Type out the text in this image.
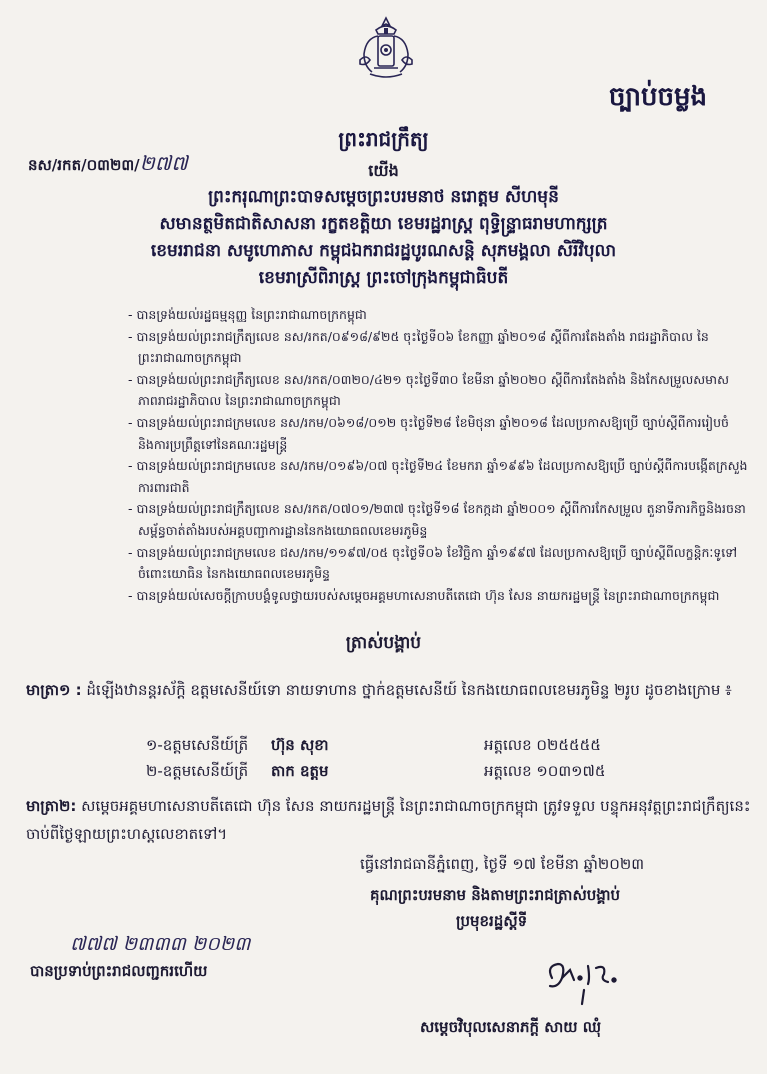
ច្បាប់ចម្លង
ព្រះរាជក្រឹត្យ
នស/រកត/០៣២៣/២៧៧	យើង
ព្រះករុណាព្រះបាទសម្តេចព្រះបរមនាថ នរោត្តម សីហមុនី
សមានត្ថមិតជាតិសាសនា រក្ខតខត្តិយា ខេមរដ្ឋរាស្ត្រ ពុទ្ធិន្ទ្រាធរាមហាក្សត្រ
ខេមររាជនា សមូហោភាស កម្ពុជឯករាជរដ្ឋបូរណសន្តិ សុភមង្គលា សិរីវិបុលា
ខេមរាស្រីពិរាស្ត្រ ព្រះចៅក្រុងកម្ពុជាធិបតី

- បានទ្រង់យល់រដ្ឋធម្មនុញ្ញ នៃព្រះរាជាណាចក្រកម្ពុជា

- បានទ្រង់យល់ព្រះរាជក្រឹត្យលេខ នស/រកត/០៩១៨/៩២៥ ចុះថ្ងៃទី០៦ ខែកញ្ញា ឆ្នាំ២០១៨ ស្តីពីការតែងតាំង រាជរដ្ឋាភិបាល នៃព្រះរាជាណាចក្រកម្ពុជា

- បានទ្រង់យល់ព្រះរាជក្រឹត្យលេខ នស/រកត/០៣២០/៤២១ ចុះថ្ងៃទី៣០ ខែមីនា ឆ្នាំ២០២០ ស្តីពីការតែងតាំង និងកែសម្រួលសមាសភាពរាជរដ្ឋាភិបាល នៃព្រះរាជាណាចក្រកម្ពុជា

- បានទ្រង់យល់ព្រះរាជក្រមលេខ នស/រកម/០៦១៨/០១២ ចុះថ្ងៃទី២៨ ខែមិថុនា ឆ្នាំ២០១៨ ដែលប្រកាសឱ្យប្រើ ច្បាប់ស្តីពីការរៀបចំ និងការប្រព្រឹត្តទៅនៃគណៈរដ្ឋមន្ត្រី

- បានទ្រង់យល់ព្រះរាជក្រមលេខ នស/រកម/០១៩៦/០៧ ចុះថ្ងៃទី២៤ ខែមករា ឆ្នាំ១៩៩៦ ដែលប្រកាសឱ្យប្រើ ច្បាប់ស្តីពីការបង្កើតក្រសួងការពារជាតិ

- បានទ្រង់យល់ព្រះរាជក្រឹត្យលេខ នស/រកត/០៧០១/២៣៧ ចុះថ្ងៃទី១៨ ខែកក្កដា ឆ្នាំ២០០១ ស្តីពីការកែសម្រួល តួនាទីភារកិច្ចនិងរចនាសម្ព័ន្ធចាត់តាំងរបស់អគ្គបញ្ជាការដ្ឋាននៃកងយោធពលខេមរភូមិន្ទ

- បានទ្រង់យល់ព្រះរាជក្រមលេខ ជស/រកម/១១៩៧/០៥ ចុះថ្ងៃទី០៦ ខែវិច្ឆិកា ឆ្នាំ១៩៩៧ ដែលប្រកាសឱ្យប្រើ ច្បាប់ស្តីពីលក្ខន្តិកៈទូទៅ ចំពោះយោធិន នៃកងយោធពលខេមរភូមិន្ទ

- បានទ្រង់យល់សេចក្តីក្រាបបង្គំទូលថ្វាយរបស់សម្តេចអគ្គមហាសេនាបតីតេជោ ហ៊ុន សែន នាយករដ្ឋមន្ត្រី នៃព្រះរាជាណាចក្រកម្ពុជា

ត្រាស់បង្គាប់
មាត្រា១ : ដំឡើងឋានន្តរស័ក្តិ ឧត្តមសេនីយ៍ទោ នាយទាហាន ថ្នាក់ឧត្តមសេនីយ៍ នៃកងយោធពលខេមរភូមិន្ទ ២រូប ដូចខាងក្រោម ៖
១-ឧត្តមសេនីយ៍ត្រី ហ៊ុន សុខា	អត្តលេខ ០២៥៥៥៥
២-ឧត្តមសេនីយ៍ត្រី តាក ឧត្តម	អត្តលេខ ១០៣១៧៥
មាត្រា២: សម្តេចអគ្គមហាសេនាបតីតេជោ ហ៊ុន សែន នាយករដ្ឋមន្ត្រី នៃព្រះរាជាណាចក្រកម្ពុជា ត្រូវទទួល បន្ទុកអនុវត្តព្រះរាជក្រឹត្យនេះ ចាប់ពីថ្ងៃឡាយព្រះហស្តលេខាតទៅ។
ធ្វើនៅរាជធានីភ្នំពេញ, ថ្ងៃទី ១៧ ខែមីនា ឆ្នាំ២០២៣
គុណព្រះបរមនាម និងតាមព្រះរាជត្រាស់បង្គាប់
ប្រមុខរដ្ឋស្តីទី
៧៧៧ ២៣៣៣ ២០២៣
បានប្រទាប់ព្រះរាជលញ្ជករហើយ
សម្តេចវិបុលសេនាភក្តី សាយ ឈុំ
